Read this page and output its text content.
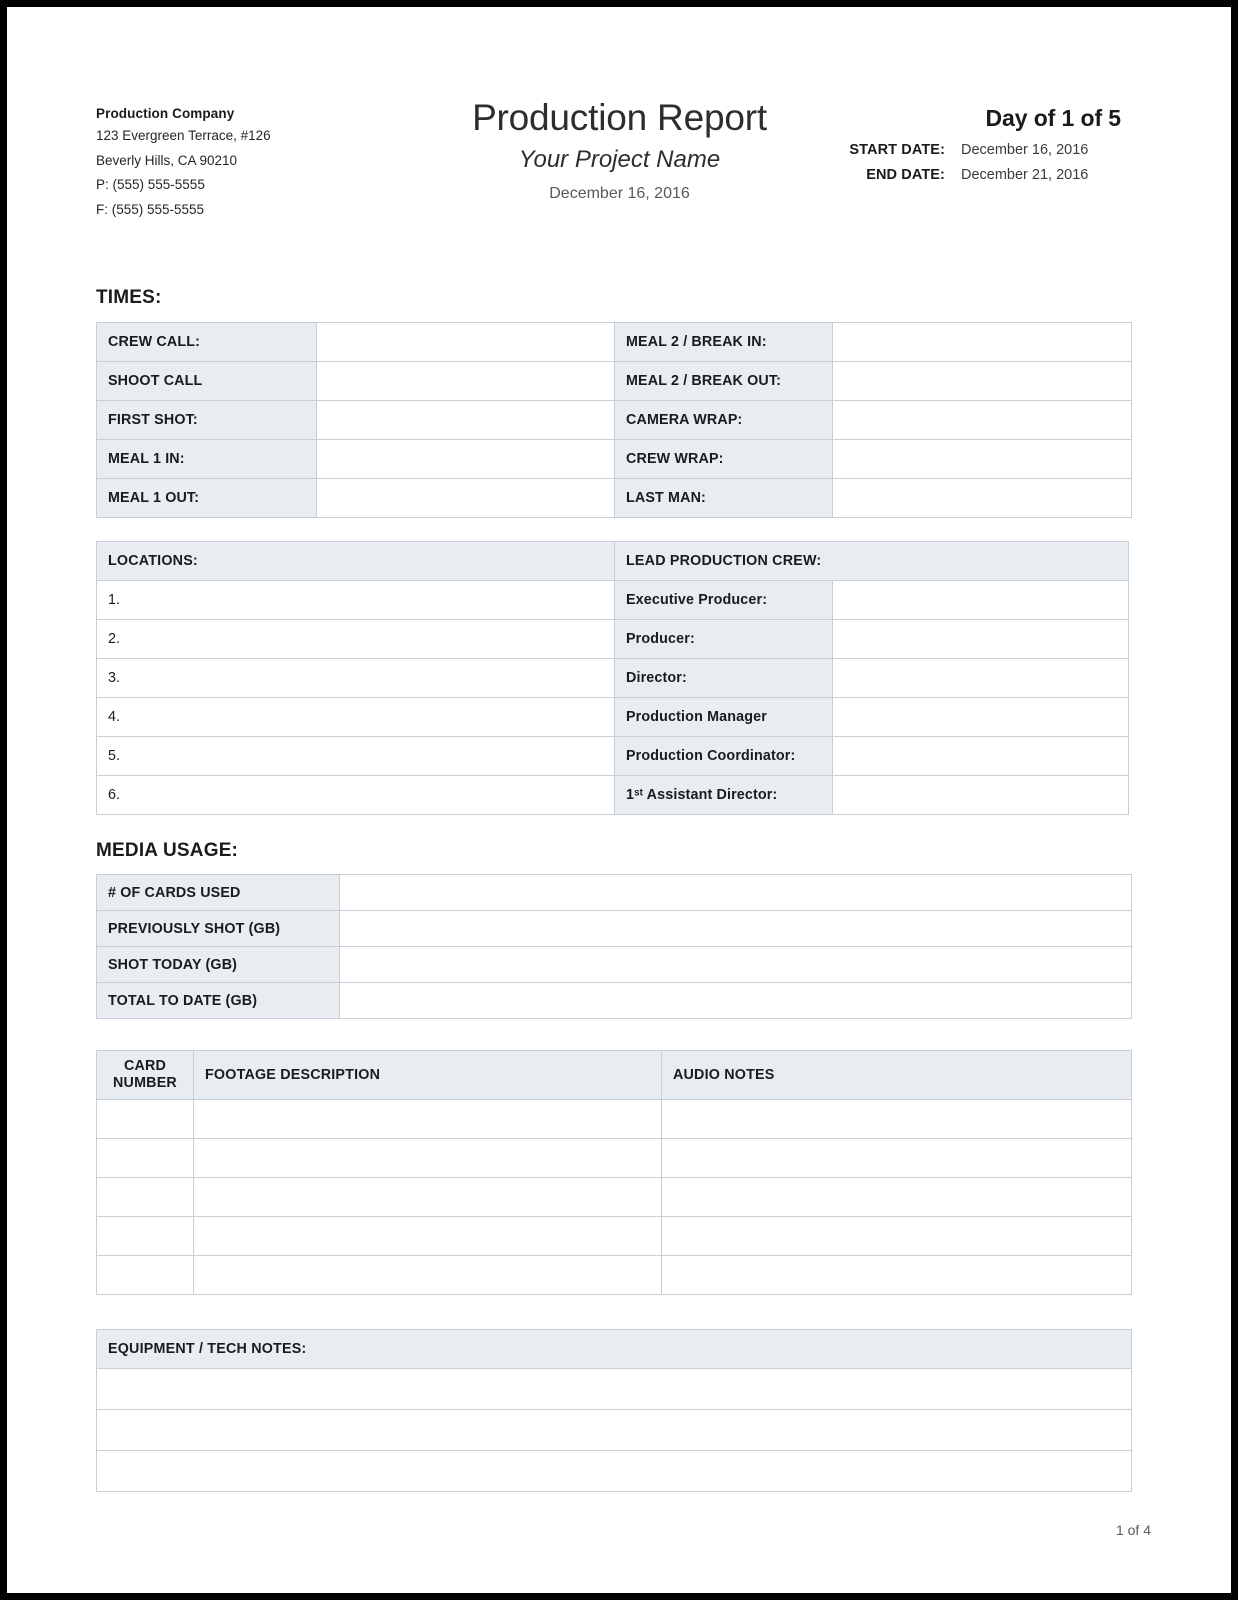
Production Company
123 Evergreen Terrace, #126
Beverly Hills, CA 90210
P: (555) 555-5555
F: (555) 555-5555
Production Report
Your Project Name
December 16, 2016
Day of 1 of 5
START DATE:	December 16, 2016
END DATE:	December 21, 2016
TIMES:
CREW CALL:			MEAL 2 / BREAK IN:	
SHOOT CALL			MEAL 2 / BREAK OUT:	
FIRST SHOT:			CAMERA WRAP:	
MEAL 1 IN:			CREW WRAP:	
MEAL 1 OUT:			LAST MAN:	
LOCATIONS:		LEAD PRODUCTION CREW:	
1.		Executive Producer:	
2.		Producer:	
3.		Director:	
4.		Production Manager	
5.		Production Coordinator:	
6.		1st Assistant Director:	
MEDIA USAGE:
# OF CARDS USED	
PREVIOUSLY SHOT (GB)	
SHOT TODAY (GB)	
TOTAL TO DATE (GB)	
CARD
NUMBER	FOOTAGE DESCRIPTION	AUDIO NOTES

EQUIPMENT / TECH NOTES:

1 of 4
